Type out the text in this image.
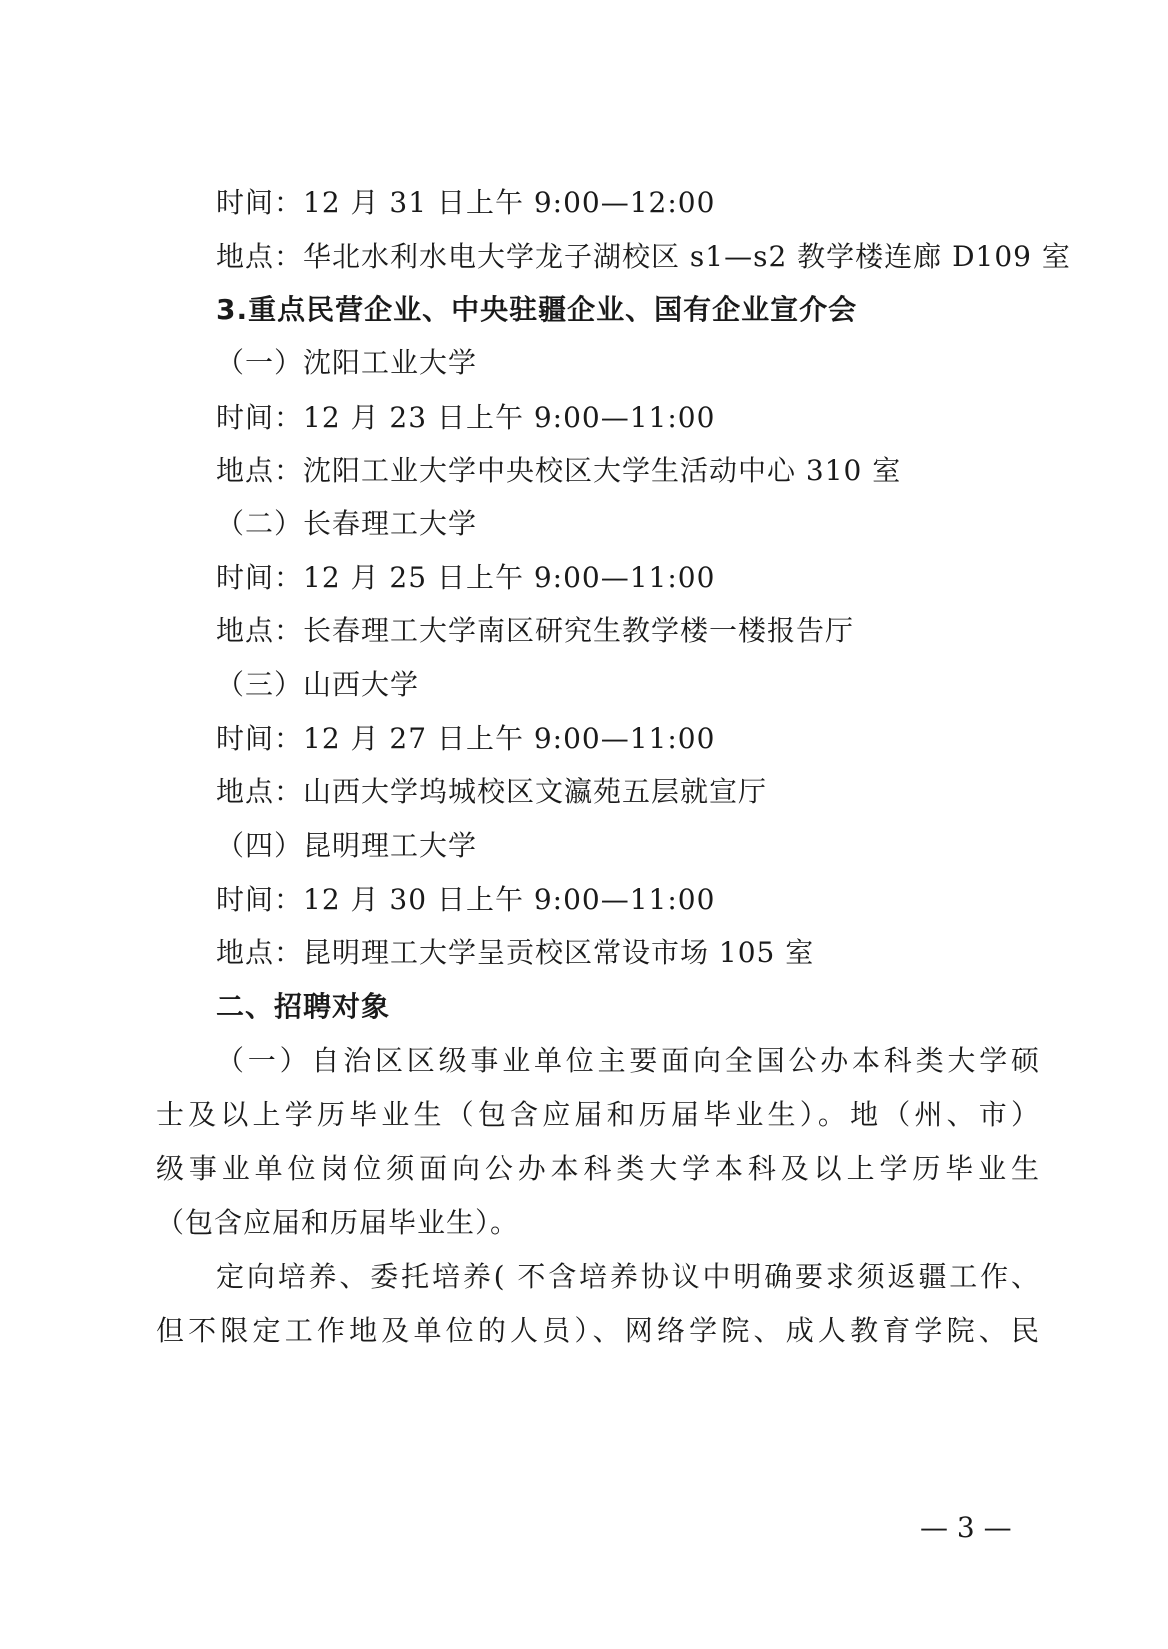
时间：12 月 31 日上午 9:00—12:00
地点：华北水利水电大学龙子湖校区 s1—s2 教学楼连廊 D109 室
3.重点民营企业、中央驻疆企业、国有企业宣介会
（一）沈阳工业大学
时间：12 月 23 日上午 9:00—11:00
地点：沈阳工业大学中央校区大学生活动中心 310 室
（二）长春理工大学
时间：12 月 25 日上午 9:00—11:00
地点：长春理工大学南区研究生教学楼一楼报告厅
（三）山西大学
时间：12 月 27 日上午 9:00—11:00
地点：山西大学坞城校区文瀛苑五层就宣厅
（四）昆明理工大学
时间：12 月 30 日上午 9:00—11:00
地点：昆明理工大学呈贡校区常设市场 105 室
二、招聘对象
（一）自治区区级事业单位主要面向全国公办本科类大学硕
士及以上学历毕业生（包含应届和历届毕业生）。地（州、市）
级事业单位岗位须面向公办本科类大学本科及以上学历毕业生
（包含应届和历届毕业生）。
定向培养、委托培养( 不含培养协议中明确要求须返疆工作、
但不限定工作地及单位的人员）、网络学院、成人教育学院、民
— 3 —
